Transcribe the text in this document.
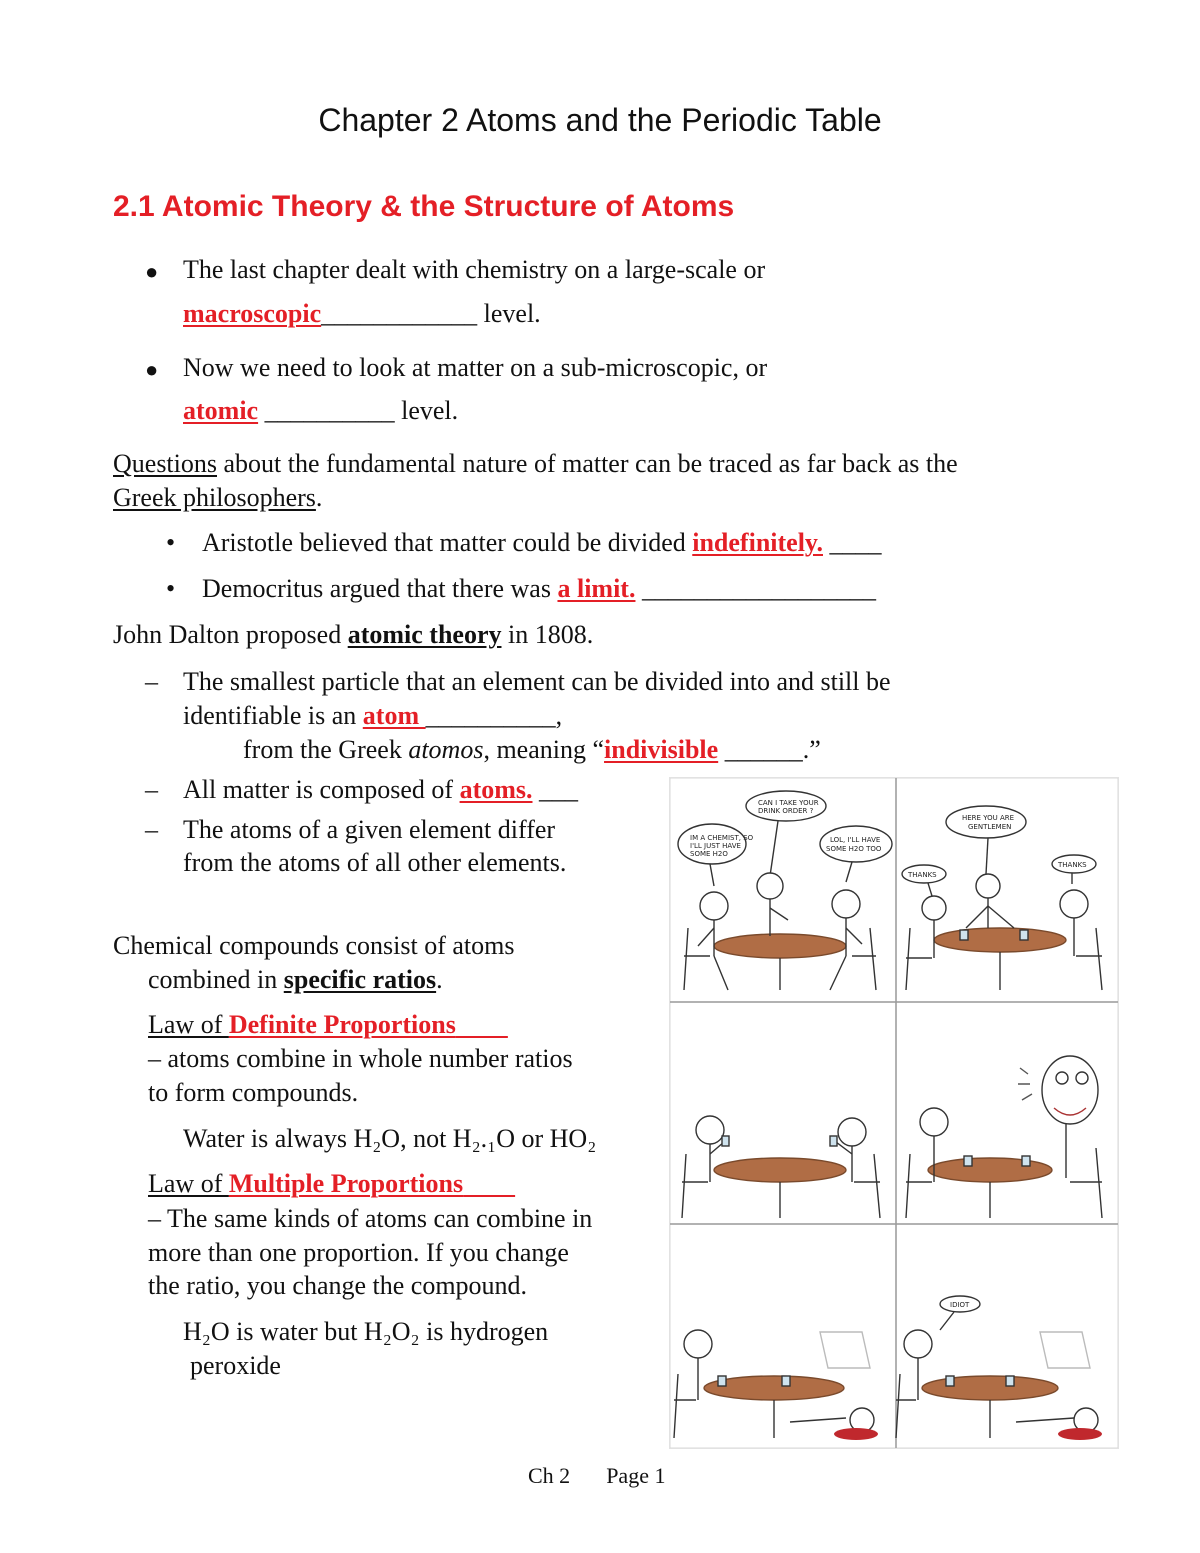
Chapter 2 Atoms and the Periodic Table
2.1 Atomic Theory & the Structure of Atoms
● The last chapter dealt with chemistry on a large-scale or
macroscopic____________ level.
● Now we need to look at matter on a sub-microscopic, or
atomic __________ level.
Questions about the fundamental nature of matter can be traced as far back as the
Greek philosophers.
• Aristotle believed that matter could be divided indefinitely. ____
• Democritus argued that there was a limit. __________________
John Dalton proposed atomic theory in 1808.
– The smallest particle that an element can be divided into and still be
identifiable is an atom __________,
from the Greek atomos, meaning “indivisible ______.”
– All matter is composed of atoms. ___
– The atoms of a given element differ
from the atoms of all other elements.
Chemical compounds consist of atoms
combined in specific ratios.
Law of Definite Proportions
– atoms combine in whole number ratios
to form compounds.
Water is always H₂O, not H₂.₁O or HO₂
Law of Multiple Proportions
– The same kinds of atoms can combine in
more than one proportion. If you change
the ratio, you change the compound.
H₂O is water but H₂O₂ is hydrogen
peroxide
IM A CHEMIST, SO
I'LL JUST HAVE
SOME H2O
CAN I TAKE YOUR
DRINK ORDER ?
LOL, I'LL HAVE
SOME H2O TOO
HERE YOU ARE
GENTLEMEN
THANKS
THANKS
IDIOT
Ch 2 Page 1
